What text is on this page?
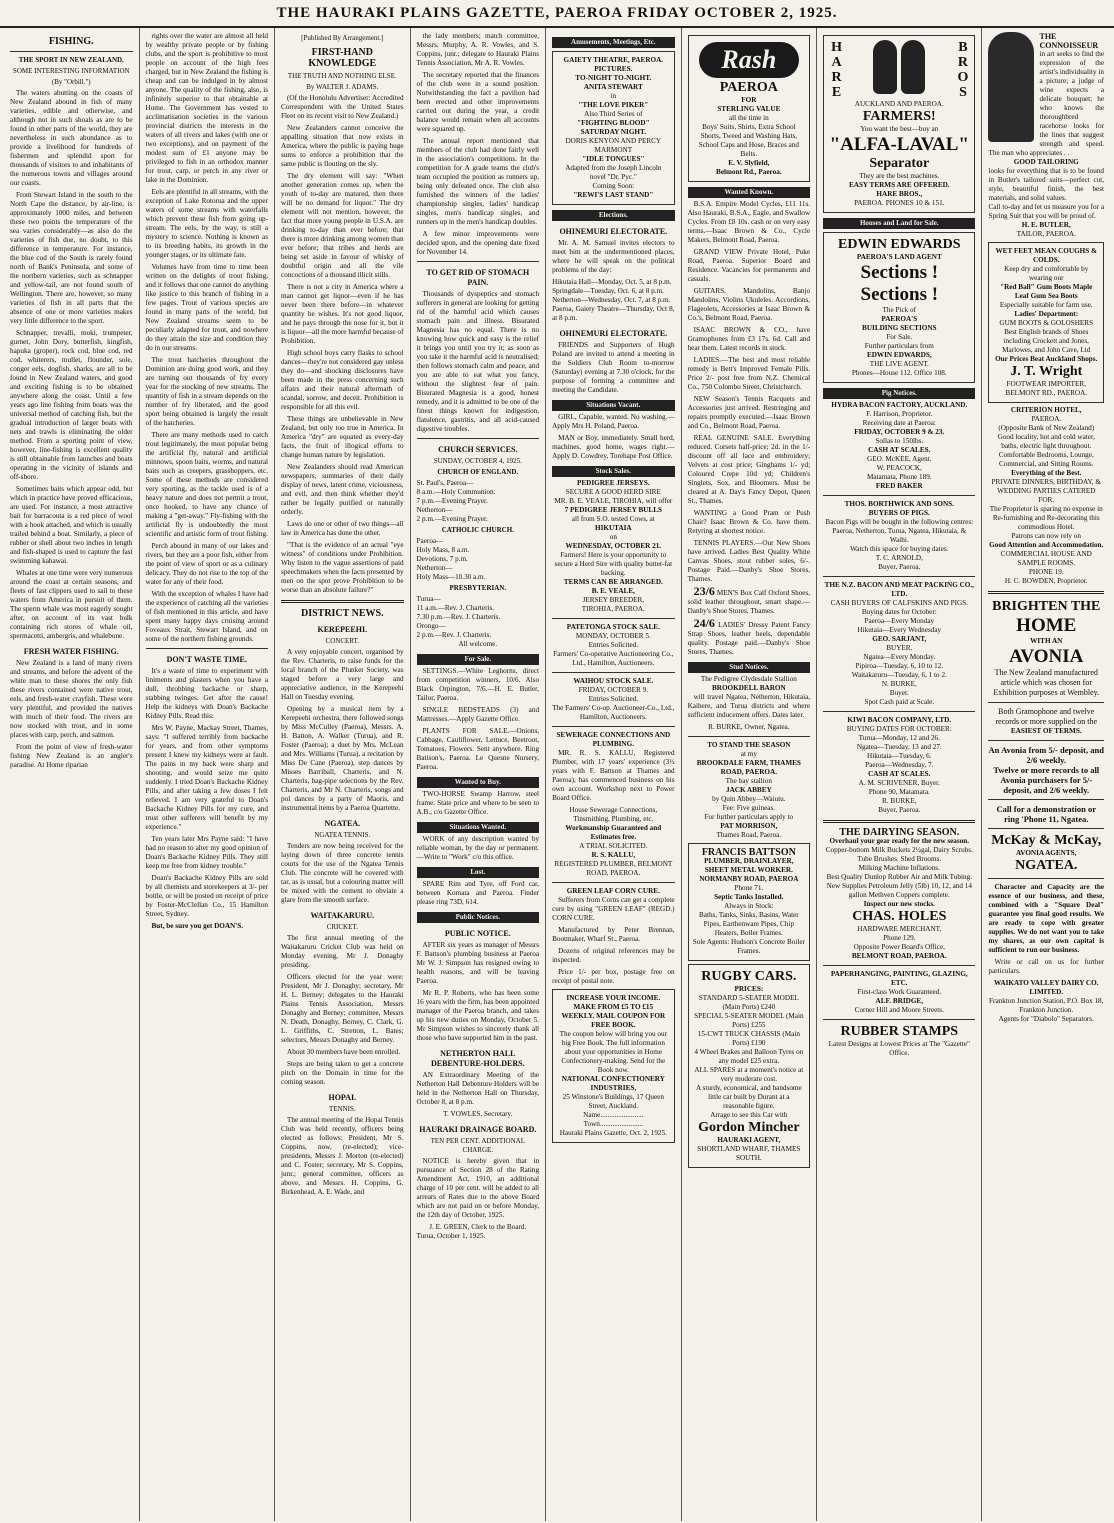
THE HAURAKI PLAINS GAZETTE, PAEROA FRIDAY OCTOBER 2, 1925.
FISHING.
THE SPORT IN NEW ZEALAND.
SOME INTERESTING INFORMATION
(By "Orbill.")

The waters abutting on the coasts of New Zealand abound in fish of many varieties, edible and otherwise, and although not in such shoals as are to be found in other parts of the world, they are nevertheless in such abundance as to provide a livelihood for hundreds of fishermen and splendid sport for thousands of visitors to and inhabitants of the numerous towns and villages around our coasts.

From Stewart Island in the south to the North Cape the distance, by air-line, is approximately 1000 miles, and between these two points the temperature of the sea varies considerably—as also do the varieties of fish due, no doubt, to this difference in temperature. For instance, the blue cod of the South is rarely found north of Bank's Peninsula, and some of the northern varieties, such as schnapper and yellow-tail, are not found south of Wellington. There are, however, so many varieties of fish in all parts that the absence of one or more varieties makes very little difference to the sport.

Schnapper, trevalli, moki, trumpeter, gurnet, John Dory, butterfish, kingfish, hapuka (groper), rock cod, blue cod, red cod, whiterers, mullet, flounder, sole, conger eels, dogfish, sharks, are all to be found in New Zealand waters, and good and exciting fishing is to be obtained anywhere along the coast. Until a few years ago line fishing from boats was the universal method of catching fish, but the gradual introduction of larger boats with nets and trawls is eliminating the older method. From a sporting point of view, however, line-fishing is excellent quality is still obtainable from launches and boats operating in the vicinity of islands and off-shore.

Sometimes baits which appear odd, but which in practice have proved efficacious, are used. For instance, a most attractive bait for barracouta is a red piece of wool with a hook attached, and which is usually trailed behind a boat. Similarly, a piece of rubber or shell about two inches in length and fish-shaped is used to capture the fast swimming kahawai.

Whales at one time were very numerous around the coast at certain seasons, and fleets of fast clippers used to sail to these waters from America in pursuit of them. The sperm whale was most eagerly sought after, on account of its vast bulk containing rich stores of whale oil, spermacetti, ambergris, and whalebone.

FRESH WATER FISHING.

New Zealand is a land of many rivers and streams, and before the advent of the white man to these shores the only fish these rivers contained were native trout, eels, and fresh-water crayfish. These were very plentiful, and provided the natives with much of their food. The rivers are now stocked with trout, and in some places with carp, perch, and salmon.

From the point of view of fresh-water fishing New Zealand is an angler's paradise. At Home riparian

rights over the water are almost all held by wealthy private people or by fishing clubs, and the sport is prohibitive to most people on account of the high fees charged, but in New Zealand the fishing is cheap and can be indulged in by almost anyone. The quality of the fishing, also, is infinitely superior to that obtainable at Home. The Government has vested to acclimatisation societies in the various provincial districts the interests in the waters of all rivers and lakes (with one or two exceptions), and on payment of the modest sum of £1 anyone may be privileged to fish in an orthodox manner for trout, carp, or perch in any river or lake in the Dominion.

Eels are plentiful in all streams, with the exception of Lake Rotorua and the upper waters of some streams with waterfalls which prevent these fish from going up-stream. The eels, by the way, is still a mystery to science. Nothing is known as to its breeding habits, its growth in the younger stages, or its ultimate fate.

Volumes have from time to time been written on the delights of trout fishing, and it follows that one cannot do anything like justice to this branch of fishing in a few pages. Trout of various species are found in many parts of the world, but New Zealand streams seem to be peculiarly adapted for trout, and nowhere do they attain the size and condition they do in our streams.

The trout hatcheries throughout the Dominion are doing good work, and they are turning out thousands of fry every year for the stocking of new streams. The quantity of fish in a stream depends on the number of fry liberated, and the good sport being obtained is largely the result of the hatcheries.

There are many methods used to catch trout legitimately, the most popular being the artificial fly, natural and artificial minnows, spoon baits, worms, and natural baits such as creepers, grasshoppers, etc. Some of these methods are considered very sporting, as the tackle used is of a heavy nature and does not permit a trout, once hooked, to have any chance of making a "get-away." Fly-fishing with the artificial fly is undoubtedly the most scientific and artistic form of trout fishing.

Perch abound in many of our lakes and rivers, but they are a poor fish, either from the point of view of sport or as a culinary delicacy. They do not rise to the top of the water for any of their food.

With the exception of whales I have had the experience of catching all the varieties of fish mentioned in this article, and have spent many happy days cruising around Foveaux Strait, Stewart Island, and on some of the northern fishing grounds.

DON'T WASTE TIME.

It's a waste of time to experiment with liniments and plasters when you have a dull, throbbing backache or sharp, stabbing twinges. Get after the cause! Help the kidneys with Doan's Backache Kidney Pills. Read this:

Mrs W. Payne, Mackay Street, Thames, says: "I suffered terribly from backache for years, and from other symptoms present I knew my kidneys were at fault. The pains in my back were sharp and shooting, and would seize me quite suddenly. I tried Doan's Backache Kidney Pills, and after taking a few doses I felt relieved. I am very grateful to Doan's Backache Kidney Pills for my cure, and trust other sufferers will benefit by my experience."

Ten years later Mrs Payne said: "I have had no reason to alter my good opinion of Doan's Backache Kidney Pills. They still keep me free from kidney trouble."

Doan's Backache Kidney Pills are sold by all chemists and storekeepers at 3/- per bottle, or will be posted on receipt of price by Foster-McClellan Co., 15 Hamilton Street, Sydney.

But, be sure you get DOAN'S.

[Published By Arrangement.]
FIRST-HAND KNOWLEDGE
THE TRUTH AND NOTHING ELSE.
By WALTER J. ADAMS.

(Of the Honolulu Advertiser: Accredited Correspondent with the United States Fleet on its recent visit to New Zealand.)

New Zealanders cannot conceive the appalling situation that now exists in America, where the public is paying huge sums to enforce a prohibition that the same public is flouting on the sly.

The dry element will say: "When another generation comes up, when the youth of to-day are matured, then there will be no demand for liquor." The dry element will not mention, however, the fact that more young people in U.S.A. are drinking to-day than ever before; that there is more drinking among women than ever before; that tribes and herds are being set aside in favour of whisky of doubtful origin and all the vile concoctions of a thousand illicit stills.

There is not a city in America where a man cannot get liquor—even if he has never been there before—in whatever quantity he wishes. It's not good liquor, and he pays through the nose for it, but it is liquor—all the more harmful because of Prohibition.

High school boys carry flasks to school dances—they're not considered gay unless they do—and shocking disclosures have been made in the press concerning such affairs and their natural aftermath of scandal, sorrow, and deceit. Prohibition is responsible for all this evil.

These things are unbelievable in New Zealand, but only too true in America. In America "dry" are equated as every-day facts, the fruit of illogical efforts to change human nature by legislation.

New Zealanders should read American newspapers, summaries of their daily display of news, latent crime, viciousness, and evil, and then think whether they'd rather be legally purified or naturally orderly.

Laws do one or other of two things—all law in America has done the other.

"That is the evidence of an actual "eye witness" of conditions under Prohibition. Why listen to the vague assertions of paid speechmakers when the facts presented by men on the spot prove Prohibition to be worse than an absolute failure?"

DISTRICT NEWS.
KEREPEEHI.
CONCERT.

A very enjoyable concert, organised by the Rev. Charteris, to raise funds for the local branch of the Plunket Society, was staged before a very large and appreciative audience, in the Kerepeehi Hall on Tuesday evening.

Opening by a musical item by a Kerepeehi orchestra, there followed songs by Miss McCulley (Paeroa), Messrs. A. H. Batton, A. Walker (Turua), and R. Foster (Paeroa); a duet by Mrs. McLean and Mrs. Williams (Turua), a recitation by Miss De Cane (Paeroa), step dances by Misses Barriball, Charteris, and N. Charteris, bag-pipe selections by the Rev. Charteris, and Mr N. Charteris, songs and pol dances by a party of Maoris, and instrumental items by a Paeroa Quartette.

NGATEA.
NGATEA TENNIS.

Tenders are now being received for the laying down of three concrete tennis courts for the use of the Ngatea Tennis Club. The concrete will be covered with tar, as is usual, but a colouring matter will be mixed with the cement to obviate a glare from the smooth surface.

WAITAKARURU.
CRICKET.

The first annual meeting of the Waitakaruru Cricket Club was held on Monday evening, Mr J. Donaghy presiding.

Officers elected for the year were: President, Mr J. Donaghy; secretary, Mr H. L. Berney; delegates to the Hauraki Plains Tennis Association, Messrs Donaghy and Berney; committee, Messrs N. Death, Donaghy, Berney, C. Clark, G. L. Griffiths, C. Stretton, L. Bates; selectors, Messrs Donaghy and Berney.

About 30 members have been enrolled.

Steps are being taken to get a concrete pitch on the Domain in time for the coming season.

HOPAI.
TENNIS.

The annual meeting of the Hopai Tennis Club was held recently, officers being elected as follows: President, Mr S. Coppins, now, (re-elected); vice-presidents, Messrs J. Morton (re-elected) and C. Foster; secretary, Mr S. Coppins, junr.; general committee, officers as above, and Messrs. H. Coppins, G. Birkenhead, A. E. Wade, and

the lady members; match committee, Messrs. Murphy, A. R. Vowles, and S. Coppins, junr.; delegate to Hauraki Plains Tennis Association, Mr A. R. Vowles.

The secretary reported that the finances of the club were in a sound position. Notwithstanding the fact a pavilion had been erected and other improvements carried out during the year, a credit balance would remain when all accounts were squared up.

The annual report mentioned that members of the club had done fairly well in the association's competitions. In the competition for A grade teams the club's team occupied the position as runners up, being only defeated once. The club also furnished the winners of the ladies' championship singles, ladies' handicap singles, men's handicap singles, and runners up in the men's handicap doubles.

A few minor improvements were decided upon, and the opening date fixed for November 14.

TO GET RID OF STOMACH PAIN.

Thousands of dyspeptics and stomach sufferers in general are looking for getting rid of the harmful acid which causes stomach pain and illness. Bisurated Magnesia has no equal. There is no knowing how quick and easy is the relief it brings you until you try it; as soon as you take it the harmful acid is neutralised; then follows stomach calm and peace, and you are able to eat what you fancy, without the slightest fear of pain. Bisurated Magnesia is a good, honest remedy, and it is admitted to be one of the finest things known for indigestion, flatulence, gastritis, and all acid-caused digestive troubles.

CHURCH SERVICES.
SUNDAY, OCTOBER 4, 1925.
CHURCH OF ENGLAND.
St. Paul's, Paeroa—
8 a.m.—Holy Communion.
7 p.m.—Evening Prayer.
Netherton—
2 p.m.—Evening Prayer.
CATHOLIC CHURCH.
Paeroa—
Holy Mass, 8 a.m.
Devotions, 7 p.m.
Netherton—
Holy Mass—10.30 a.m.
PRESBYTERIAN.
Turua—
11 a.m.—Rev. J. Charteris.
7.30 p.m.—Rev. J. Charteris.
Orongo—
2 p.m.—Rev. J. Charteris.
All welcome.
For Sale.

SETTINGS.—White Leghorns, direct from competition winners, 10/6. Also Black Orpington, 7/6.—H. E. Butler, Tailor, Paeroa.

SINGLE BEDSTEADS (3) and Mattresses.—Apply Gazette Office.

PLANTS FOR SALE.—Onions, Cabbage, Cauliflower, Lettuce, Beetroot, Tomatoes, Flowers. Sent anywhere. Ring Batison's, Paeroa. Le Quesne Nursery, Paeroa.

Wanted to Buy.

TWO-HORSE Swamp Harrow, steel frame. State price and where to be seen to A.B., c/o Gazette Office.

Situations Wanted.

WORK of any description wanted by reliable woman, by the day or permanent.—Write to "Work" c/o this office.

Lost.

SPARE Rim and Tyre, off Ford car, between Komata and Paeroa. Finder please ring 73D, 614.

Public Notices.
PUBLIC NOTICE.

AFTER six years as manager of Messrs F. Battson's plumbing business at Paeroa Mr W. J. Simpson has resigned owing to health reasons, and will be leaving Paeroa.

Mr R. P. Roberts, who has been some 16 years with the firm, has been appointed manager of the Paeroa branch, and takes up his new duties on Monday, October 5. Mr Simpson wishes to sincerely thank all those who have supported him in the past.

NETHERTON HALL DEBENTURE-HOLDERS.

AN Extraordinary Meeting of the Netherton Hall Debenture Holders will be held in the Netherton Hall on Thursday, October 8, at 8 p.m.

T. VOWLES, Secretary.
HAURAKI DRAINAGE BOARD.
TEN PER CENT. ADDITIONAL CHARGE.

NOTICE is hereby given that in pursuance of Section 28 of the Rating Amendment Act, 1910, an additional charge of 10 per cent. will be added to all arrears of Rates due to the above Board which are not paid on or before Monday, the 12th day of October, 1925.

J. E. GREEN, Clerk to the Board.
Turua, October 1, 1925.
Amusements, Meetings, Etc.
GAIETY THEATRE, PAEROA.
PICTURES.
TO-NIGHT TO-NIGHT.
ANITA STEWART
in
"THE LOVE PIKER"
Also Third Series of
"FIGHTING BLOOD"
SATURDAY NIGHT.
DORIS KENYON AND PERCY MARMONT
"IDLE TONGUES"
Adapted from the Joseph Lincoln novel "Dr. Pyc."
Coming Soon:
"REWI'S LAST STAND"
Elections.
OHINEMURI ELECTORATE.

Mr. A. M. Samuel invites electors to meet him at the undermentioned places, where he will speak on the political problems of the day:

Hikutaia Hall—Monday, Oct. 5, at 8 p.m.
Springdale—Tuesday, Oct. 6, at 8 p.m.
Netherton—Wednesday, Oct. 7, at 8 p.m.
Paeroa, Gaiety Theatre—Thursday, Oct 8, at 8 p.m.
OHINEMURI ELECTORATE.

FRIENDS and Supporters of Hugh Poland are invited to attend a meeting in the Soldiers Club Room to-morrow (Saturday) evening at 7.30 o'clock, for the purpose of forming a committee and meeting the Candidate.

Situations Vacant.

GIRL, Capable, wanted. No washing.—Apply Mrs H. Poland, Paeroa.

MAN or Boy, immediately. Small herd, machines, good home, wages right.—Apply D. Cowdrey, Torehape Post Office.

Stock Sales.
PEDIGREE JERSEYS.
SECURE A GOOD HERD SIRE
MR. B. E. VEALE, TIROHIA, will offer
7 PEDIGREE JERSEY BULLS
all from S.O. tested Cows, at
HIKUTAIA
on
WEDNESDAY, OCTOBER 21.
Farmers! Here is your opportunity to secure a Herd Sire with quality butter-fat backing.
TERMS CAN BE ARRANGED.
B. E. VEALE,
JERSEY BREEDER,
TIROHIA, PAEROA.
PATETONGA STOCK SALE.
MONDAY, OCTOBER 5.
Entries Solicited.
Farmers' Co-operative Auctioneering Co., Ltd., Hamilton, Auctioneers.
WAIHOU STOCK SALE.
FRIDAY, OCTOBER 9.
Entries Solicited.
The Farmers' Co-op. Auctioneer-Co., Ltd., Hamilton, Auctioneers.
SEWERAGE CONNECTIONS AND PLUMBING.

MR. R. S. KALLU, Registered Plumber, with 17 years' experience (3½ years with F. Battson at Thames and Paeroa), has commenced business on his own account. Workshop next to Power Board Office.

House Sewerage Connections, Tinsmithing, Plumbing, etc.
Workmanship Guaranteed and Estimates free.
A TRIAL SOLICITED.
R. S. KALLU,
REGISTERED PLUMBER, BELMONT ROAD, PAEROA.
GREEN LEAF CORN CURE.

Sufferers from Corns can get a complete cure by using "GREEN LEAF" (REGD.) CORN CURE.

Manufactured by Peter Brennan, Bootmaker, Wharf St., Paeroa.

Dozens of original references may be inspected.

Price 1/- per box, postage free on receipt of postal note.

INCREASE YOUR INCOME.
MAKE FROM £5 TO £15 WEEKLY. MAIL COUPON FOR FREE BOOK.
The coupon below will bring you our big Free Book. The full information about your opportunities in Home Confectionery-making. Send for the Book now.
NATIONAL CONFECTIONERY INDUSTRIES,
25 Winstone's Buildings, 17 Queen Street, Auckland.
Name........................
Town........................
Hauraki Plains Gazette, Oct. 2, 1925.
Rash
PAEROA
FOR
STERLING VALUE
all the time in
Boys' Suits, Shirts, Extra School Shorts, Tweed and Washing Hats, School Caps and Hose, Braces and Belts.
E. V. Slyfield,
Belmont Rd., Paeroa.
Wanted Known.

B.S.A. Empire Model Cycles, £11 11s. Also Hauraki, B.S.A., Eagle, and Swallow Cycles. From £8 10s. cash or on very easy terms.—Isaac Brown & Co., Cycle Makers, Belmont Road, Paeroa.

GRAND VIEW Private Hotel, Puke Road, Paeroa. Superior Board and Residence. Vacancies for permanents and casuals.

GUITARS, Mandolins, Banjo Mandolins, Violins Ukuleles. Accordions, Flageolets, Accessories at Isaac Brown & Co.'s, Belmont Road, Paeroa.

ISAAC BROWN & CO., have Gramophones from £3 17s. 6d. Call and hear them. Latest records in stock.

LADIES.—The best and most reliable remedy is Bett's Improved Female Pills. Price 2/- post free from N.Z. Chemical Co., 750 Colombo Street, Christchurch.

NEW Season's Tennis Racquets and Accessories just arrived. Restringing and repairs promptly executed.—Isaac Brown and Co., Belmont Road, Paeroa.

REAL GENUINE SALE. Everything reduced. Corsets half-price; 2d. in the 1/- discount off all lace and embroidery; Velvets at cost price; Ginghams 1/- yd; Coloured Crepe 10d yd; Children's Singlets, Sox, and Bloomers. Must be cleared at A. Day's Fancy Depot, Queen St., Thames.

WANTING a Good Pram or Push Chair? Isaac Brown & Co. have them. Retyring at shortest notice.

TENNIS PLAYERS.—Our New Shoes have arrived. Ladies Best Quality White Canvas Shoes, stout rubber soles, 6/-. Postage Paid.—Danby's Shoe Stores, Thames.

23/6 MEN'S Box Calf Oxford Shoes, solid leather throughout, smart shape.—Danby's Shoe Stores, Thames.

24/6 LADIES' Dressy Patent Fancy Strap Shoes, leather heels, dependable quality. Postage paid.—Danby's Shoe Stores, Thames.

Stud Notices.
The Pedigree Clydesdale Stallion
BROOKDELL BARON

will travel Ngatea, Netherton, Hikutaia, Kaihere, and Turua districts and where sufficient inducement offers. Dates later.

R. BURKE, Owner, Ngatea.
TO STAND THE SEASON
at my
BROOKDALE FARM, THAMES ROAD, PAEROA.
The bay stallion
JACK ABBEY
by Quin Abbey—Waiutu.
Fee: Five guineas.
For further particulars apply to
PAT MORRISON,
Thames Road, Paeroa.
FRANCIS BATTSON
PLUMBER, DRAINLAYER, SHEET METAL WORKER.
NORMANBY ROAD, PAEROA
Phone 71.
Septic Tanks Installed.
Always in Stock:
Baths, Tanks, Sinks, Basins, Water Pipes, Earthenware Pipes, Chip Heaters, Boiler Frames.
Sole Agents: Hudson's Concrete Boiler Frames.
RUGBY CARS.
PRICES:
STANDARD 5-SEATER MODEL (Main Ports) £240
SPECIAL 5-SEATER MODEL (Main Ports) £255
15-CWT TRUCK CHASSIS (Main Ports) £190
4 Wheel Brakes and Balloon Tyres on any model £25 extra.
ALL SPARES at a moment's notice at very moderate cost.
A sturdy, economical, and handsome little car built by Durant at a reasonable figure.
Arrage to see this Car with
Gordon Mincher
HAURAKI AGENT,
SHORTLAND WHARF, THAMES SOUTH.
HARE	BROS
AUCKLAND AND PAEROA.
FARMERS!
You want the best—buy an
"ALFA-LAVAL"
Separator
They are the best machines.
EASY TERMS ARE OFFERED.
HARE BROS.,
PAEROA. PHONES 10 & 151.
Houses and Land for Sale.
EDWIN EDWARDS
PAEROA'S LAND AGENT
Sections !
Sections !
The Pick of
PAEROA'S
BUILDING SECTIONS
For Sale.
Further particulars from
EDWIN EDWARDS,
THE LIVE AGENT.
Phones—House 112. Office 108.
Pig Notices.
HYDRA BACON FACTORY, AUCKLAND.
F. Harrison, Proprietor.
Receiving date at Paeroa:
FRIDAY, OCTOBER 9 & 23.
Sollas to 150lbs.
CASH AT SCALES.
GEO. McKEE, Agent.
W. PEACOCK,
Matamata, Phone 189.
FRED BAKER
THOS. BORTHWICK AND SONS.
BUYERS OF PIGS.
Bacon Pigs will be bought in the following centres:
Paeroa, Netherton, Turua, Ngatea, Hikutaia, & Waihi.
Watch this space for buying dates.
T. C. ARNOLD,
Buyer, Paeroa.
THE N.Z. BACON AND MEAT PACKING CO., LTD.
CASH BUYERS OF CALFSKINS AND PIGS.
Buying dates for October:
Paeroa—Every Monday
Hikutaia—Every Wednesday
GEO. SARJANT,
BUYER.
Ngatea—Every Monday.
Pipiroa—Tuesday, 6, 10 to 12.
Waitakaruru—Tuesday, 6, 1 to 2.
N. BURKE,
Buyer.
Spot Cash paid at Scale.
KIWI BACON COMPANY, LTD.
BUYING DATES FOR OCTOBER:
Turua—Monday, 12 and 26.
Ngatea—Tuesday, 13 and 27.
Hikutaia—Tuesday, 6.
Paeroa—Wednesday, 7.
CASH AT SCALES.
A. M. SCRIVENER, Buyer.
Phone 90, Matamata.
R. BURKE,
Buyer, Paeroa.
THE DAIRYING SEASON.
Overhaul your gear ready for the new season.
Copper-bottom Milk Buckets 2½gal, Dairy Scrubs. Tube Brushes. Shed Brooms.
Milking Machine Inflations.
Best Quality Dunlop Rubber Air and Milk Tubing.
New Supplies Petroleum Jelly (5lb) 10, 12, and 14 gallon Methven Coppers complete.
Inspect our new stocks.
CHAS. HOLES
HARDWARE MERCHANT,
Phone 129.
Opposite Power Board's Office,
BELMONT ROAD, PAEROA.
PAPERHANGING, PAINTING, GLAZING, ETC.
First-class Work Guaranteed.
ALF. BRIDGE,
Corner Hill and Moore Streets.
RUBBER STAMPS
Latest Designs at Lowest Prices at The "Gazette" Office.
THE CONNOISSEUR
in art seeks to find the expression of the artist's individuality in a picture; a judge of wine expects a delicate bouquet; he who knows the thoroughbred racehorse looks for the lines that suggest strength and speed. The man who appreciates . .
GOOD TAILORING
looks for everything that is to be found in Butler's tailored suits—perfect cut, style, beautiful finish, the best materials, and solid values.
Call to-day and let us measure you for a Spring Suit that you will be proud of.
H. E. BUTLER,
TAILOR, PAEROA.
WET FEET MEAN COUGHS & COLDS.
Keep dry and comfortable by wearing our
"Red Ball" Gum Boots Maple Leaf Gum Sea Boots
Especially suitable for farm use.
Ladies' Department:
GUM BOOTS & GOLOSHERS
Best English brands of Shoes including Crockett and Jones, Marlowes, and John Cave, Ltd
Our Prices Beat Auckland Shops.
J. T. Wright
FOOTWEAR IMPORTER, BELMONT RD., PAEROA.
CRITERION HOTEL,
PAEROA.
(Opposite Bank of New Zealand)
Good locality, hot and cold water, baths, electric light throughout.
Comfortable Bedrooms, Lounge, Commercial, and Sitting Rooms.
Everything of the Best.
PRIVATE DINNERS, BIRTHDAY, & WEDDING PARTIES CATERED FOR.
The Proprietor is sparing no expense in Re-furnishing and Re-decorating this commodious Hotel.
Patrons can now rely on
Good Attention and Accommodation.
COMMERCIAL HOUSE AND SAMPLE ROOMS.
PHONE 19.
H. C. BOWDEN, Proprietor.
BRIGHTEN THE
HOME
WITH AN
AVONIA
The New Zealand manufactured article which was chosen for Exhibition purposes at Wembley.
Both Gramophone and twelve records or more supplied on the
EASIEST OF TERMS.
An Avonia from 5/- deposit, and 2/6 weekly.
Twelve or more records to all Avonia purchasers for 5/- deposit, and 2/6 weekly.
Call for a demonstration or ring 'Phone 11, Ngatea.
McKay & McKay,
AVONIA AGENTS,
NGATEA.

Character and Capacity are the essence of our business, and these, combined with a "Square Deal" guarantee you final good results. We are ready to cope with greater supplies. We do not want you to take my shares, as our own capital is sufficient to run our business.

Write or call on us for further particulars.

WAIKATO VALLEY DAIRY CO. LIMITED.
Frankton Junction Station, P.O. Box 18, Frankton Junction.
Agents for "Diabolo" Separators.
